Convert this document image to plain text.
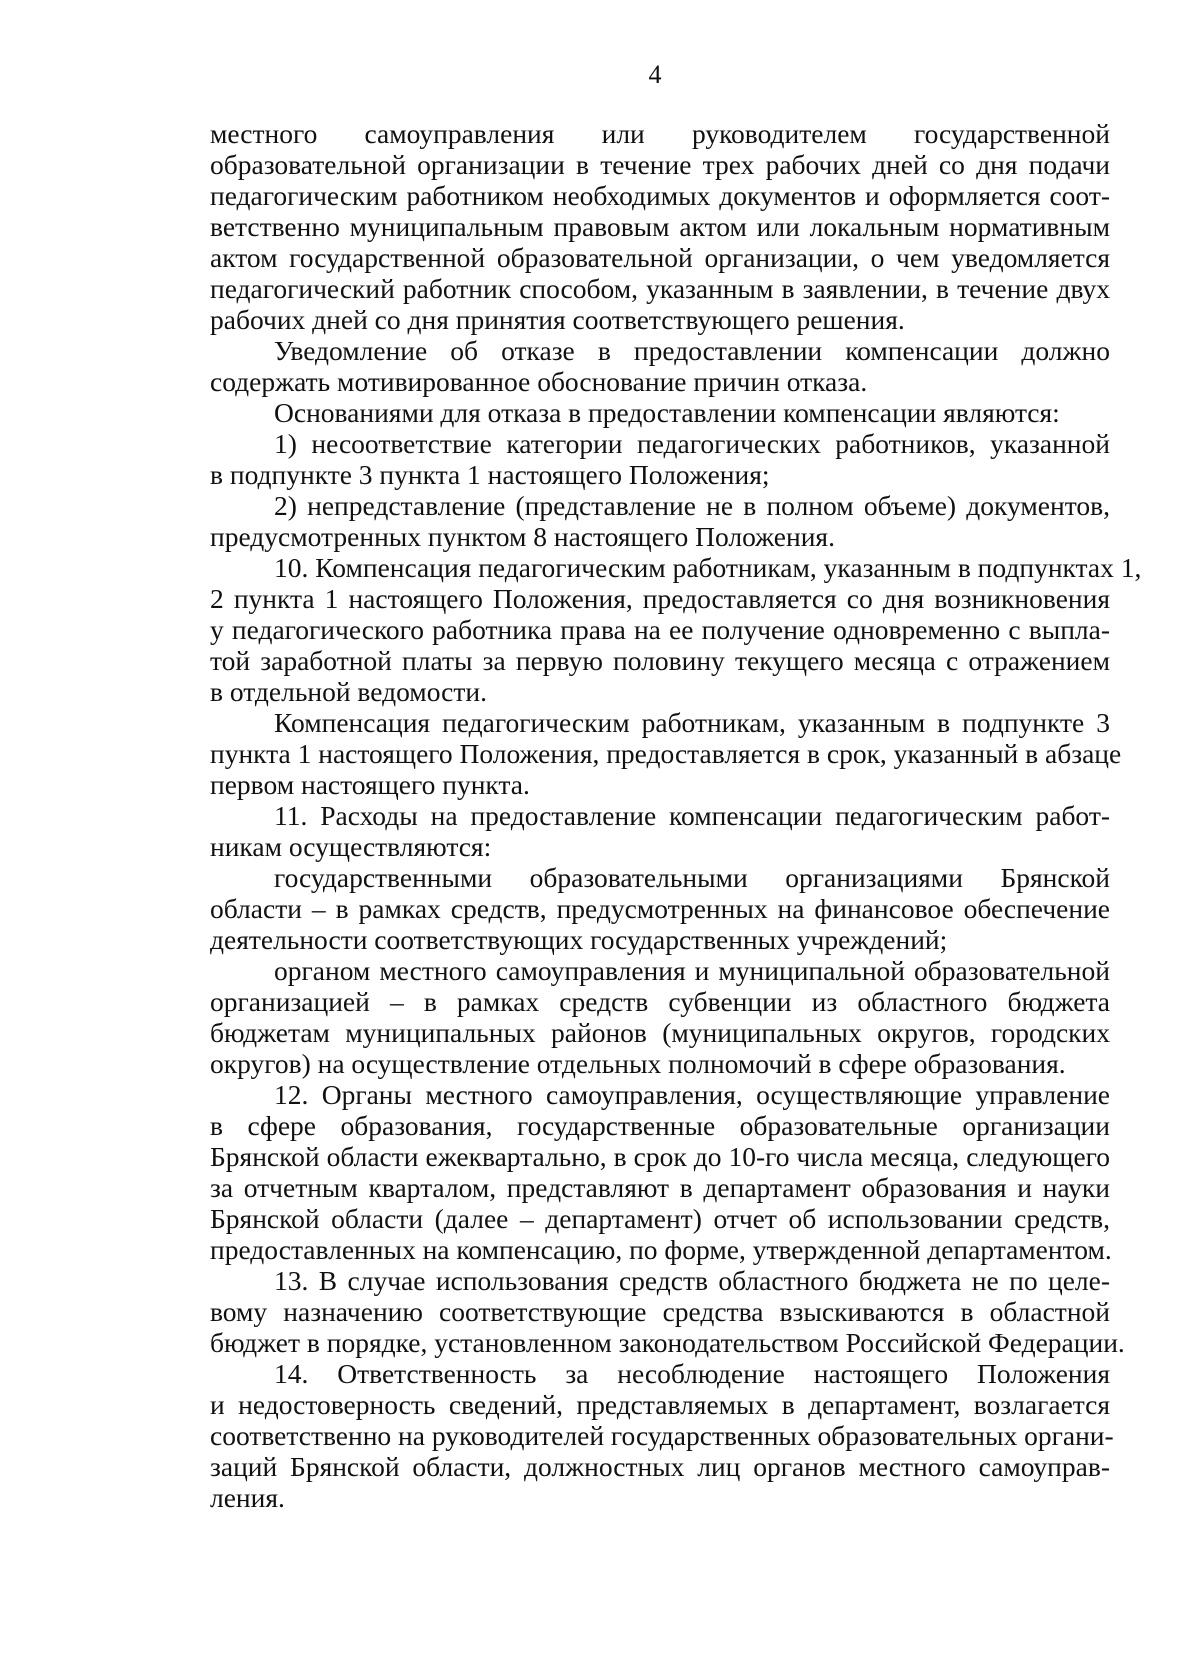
4
местного самоуправления или руководителем государственной
образовательной организации в течение трех рабочих дней со дня подачи
педагогическим работником необходимых документов и оформляется соот-
ветственно муниципальным правовым актом или локальным нормативным
актом государственной образовательной организации, о чем уведомляется
педагогический работник способом, указанным в заявлении, в течение двух
рабочих дней со дня принятия соответствующего решения.
Уведомление об отказе в предоставлении компенсации должно
содержать мотивированное обоснование причин отказа.
Основаниями для отказа в предоставлении компенсации являются:
1) несоответствие категории педагогических работников, указанной
в подпункте 3 пункта 1 настоящего Положения;
2) непредставление (представление не в полном объеме) документов,
предусмотренных пунктом 8 настоящего Положения.
10. Компенсация педагогическим работникам, указанным в подпунктах 1,
2 пункта 1 настоящего Положения, предоставляется со дня возникновения
у педагогического работника права на ее получение одновременно с выпла-
той заработной платы за первую половину текущего месяца с отражением
в отдельной ведомости.
Компенсация педагогическим работникам, указанным в подпункте 3
пункта 1 настоящего Положения, предоставляется в срок, указанный в абзаце
первом настоящего пункта.
11. Расходы на предоставление компенсации педагогическим работ-
никам осуществляются:
государственными образовательными организациями Брянской
области – в рамках средств, предусмотренных на финансовое обеспечение
деятельности соответствующих государственных учреждений;
органом местного самоуправления и муниципальной образовательной
организацией – в рамках средств субвенции из областного бюджета
бюджетам муниципальных районов (муниципальных округов, городских
округов) на осуществление отдельных полномочий в сфере образования.
12. Органы местного самоуправления, осуществляющие управление
в сфере образования, государственные образовательные организации
Брянской области ежеквартально, в срок до 10-го числа месяца, следующего
за отчетным кварталом, представляют в департамент образования и науки
Брянской области (далее – департамент) отчет об использовании средств,
предоставленных на компенсацию, по форме, утвержденной департаментом.
13. В случае использования средств областного бюджета не по целе-
вому назначению соответствующие средства взыскиваются в областной
бюджет в порядке, установленном законодательством Российской Федерации.
14. Ответственность за несоблюдение настоящего Положения
и недостоверность сведений, представляемых в департамент, возлагается
соответственно на руководителей государственных образовательных органи-
заций Брянской области, должностных лиц органов местного самоуправ-
ления.
